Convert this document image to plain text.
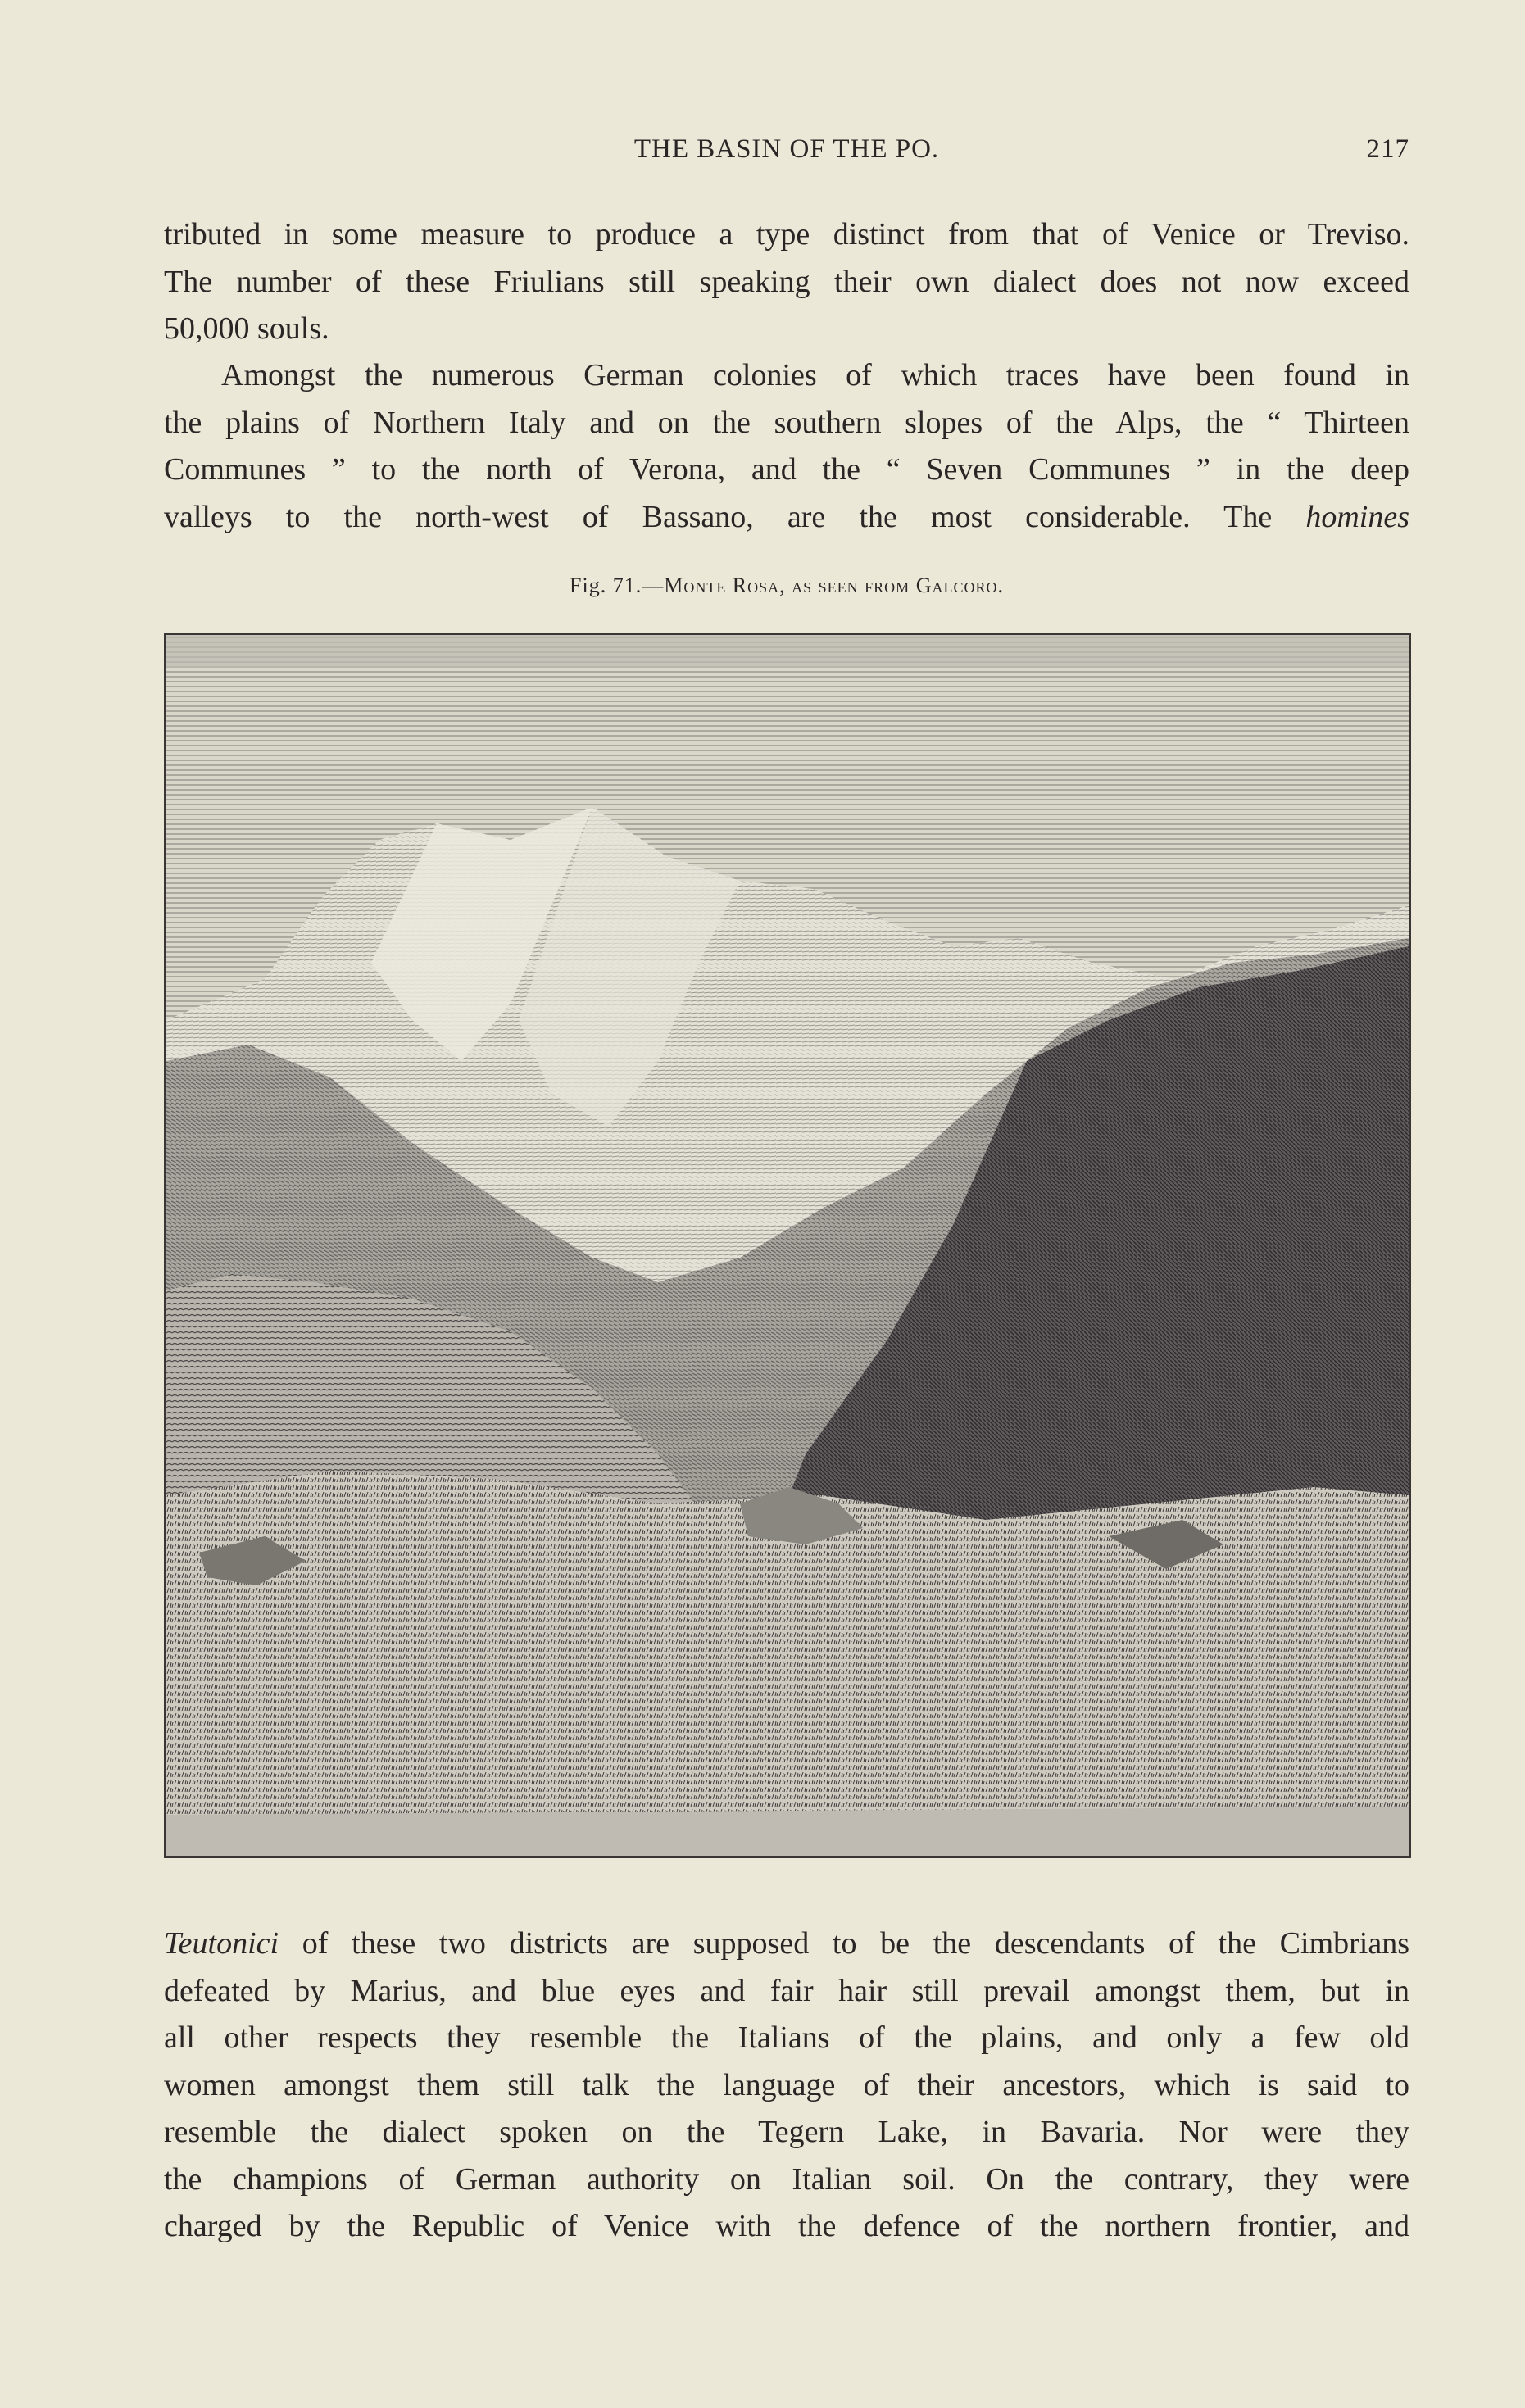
THE BASIN OF THE PO.	217
tributed in some measure to produce a type distinct from that of Venice or Treviso.
The number of these Friulians still speaking their own dialect does not now exceed
50,000 souls.
Amongst the numerous German colonies of which traces have been found in
the plains of Northern Italy and on the southern slopes of the Alps, the “ Thirteen
Communes ” to the north of Verona, and the “ Seven Communes ” in the deep
valleys to the north-west of Bassano, are the most considerable. The homines
Fig. 71.—Monte Rosa, as seen from Galcoro.
Teutonici of these two districts are supposed to be the descendants of the Cimbrians
defeated by Marius, and blue eyes and fair hair still prevail amongst them, but in
all other respects they resemble the Italians of the plains, and only a few old
women amongst them still talk the language of their ancestors, which is said to
resemble the dialect spoken on the Tegern Lake, in Bavaria. Nor were they
the champions of German authority on Italian soil. On the contrary, they were
charged by the Republic of Venice with the defence of the northern frontier, and
